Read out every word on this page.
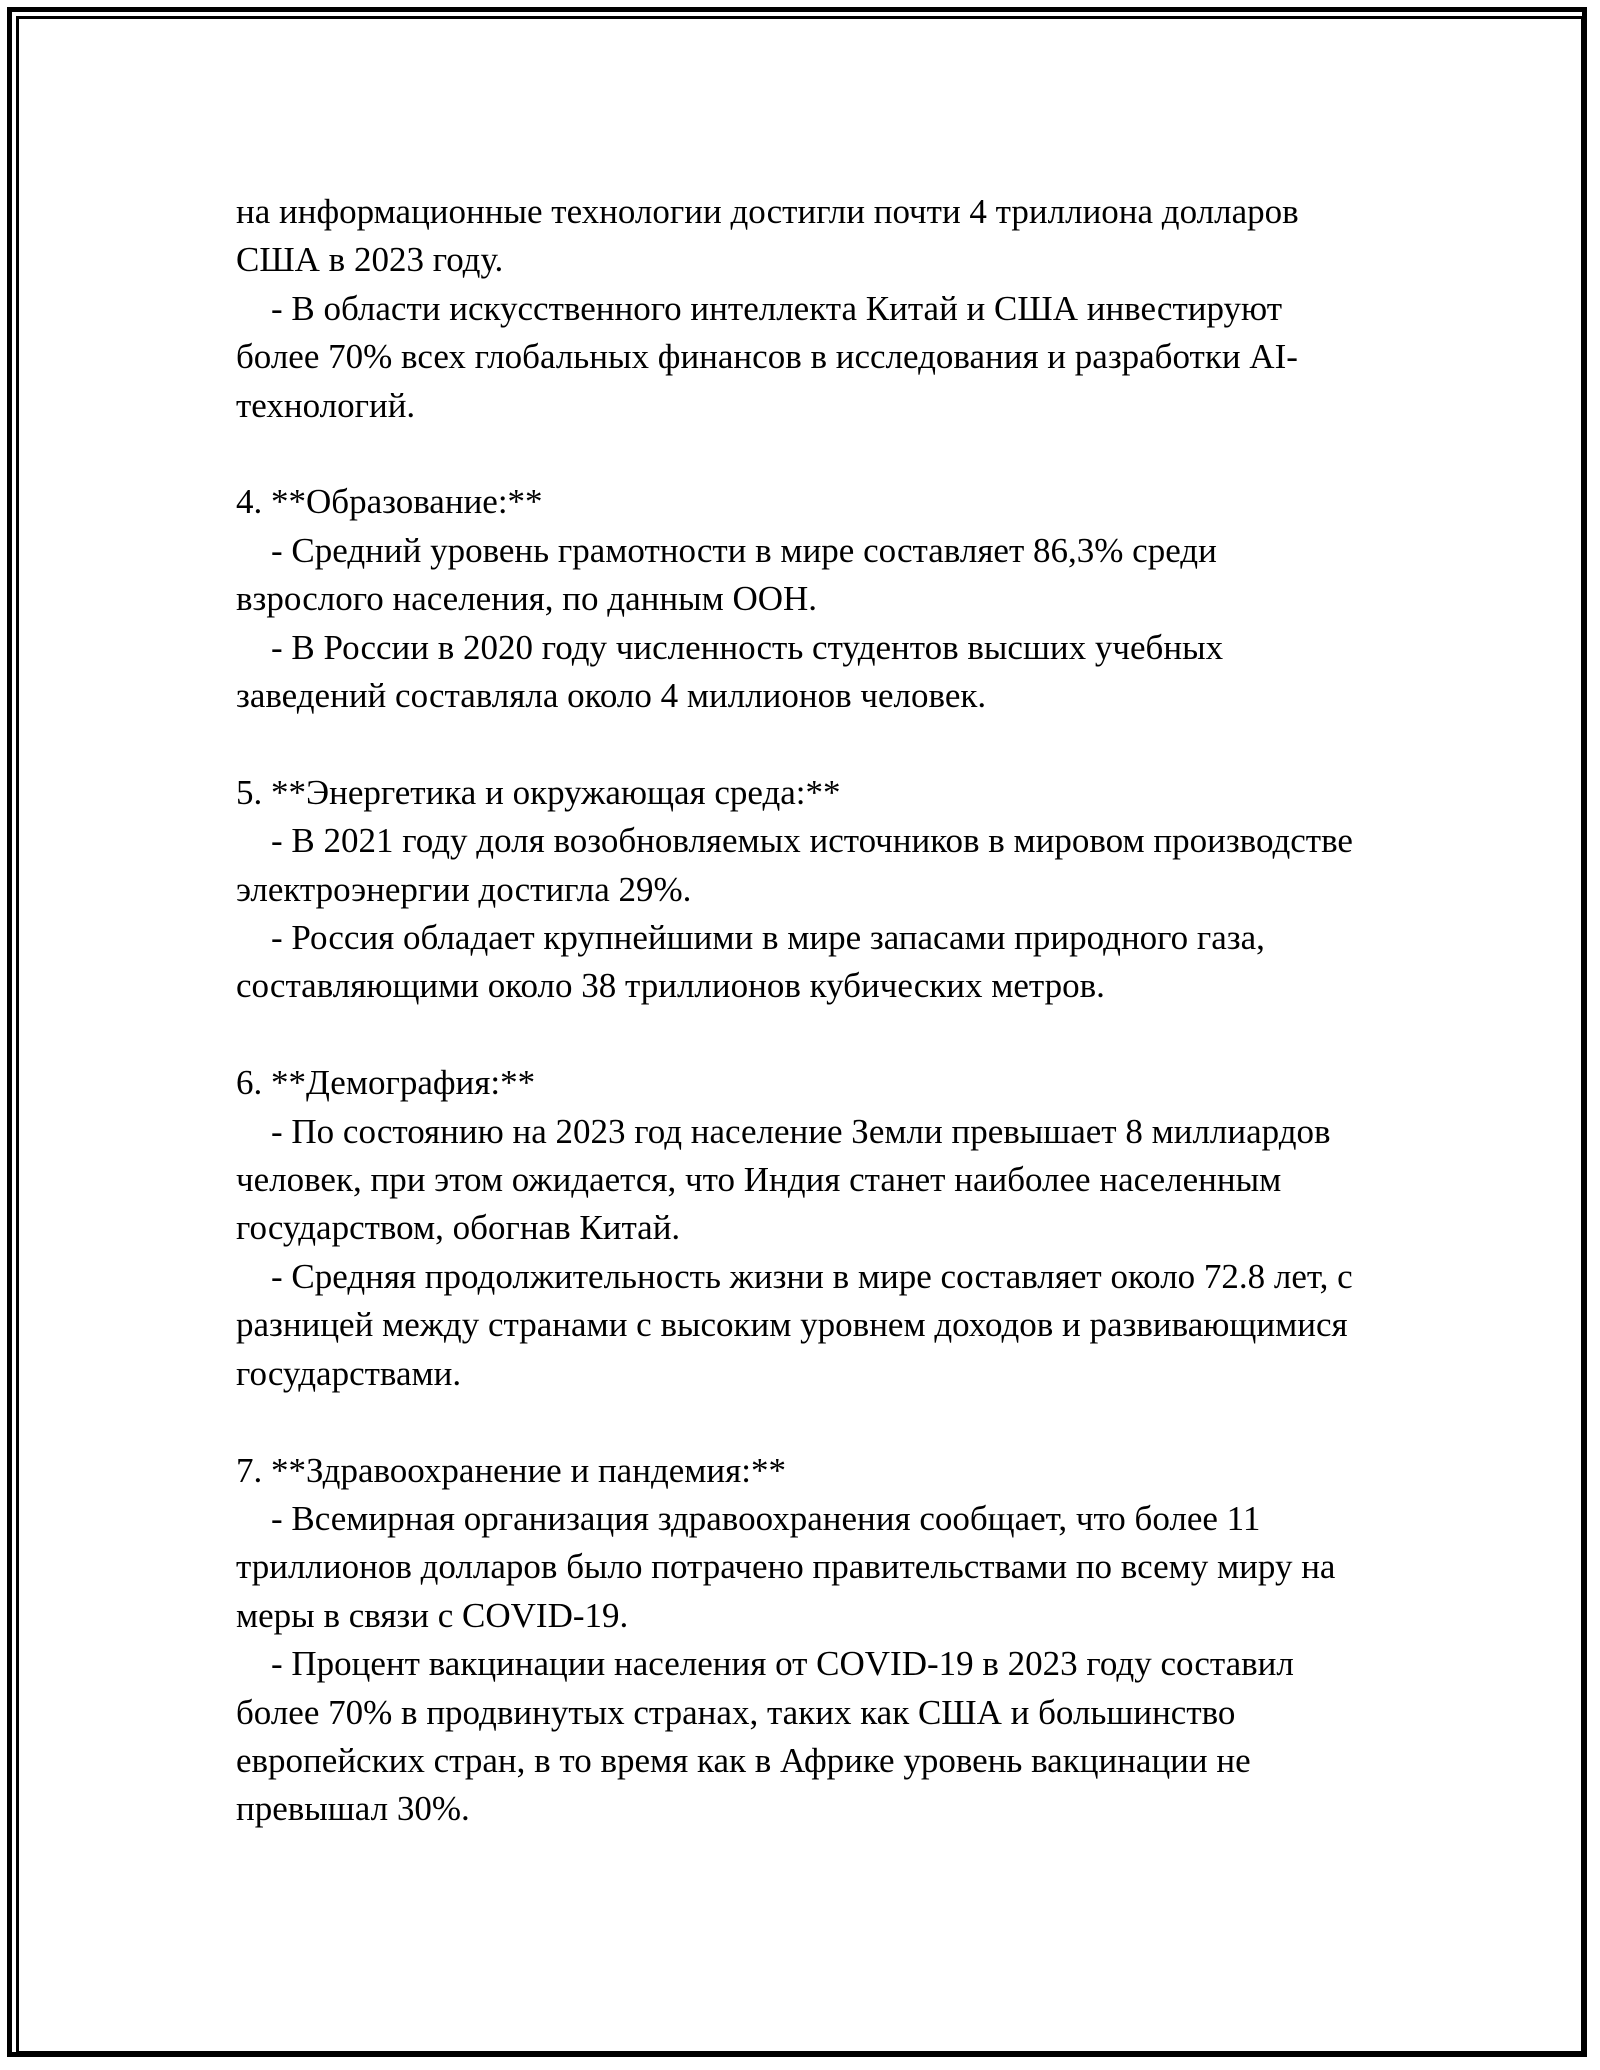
на информационные технологии достигли почти 4 триллиона долларов США в 2023 году.
- В области искусственного интеллекта Китай и США инвестируют более 70% всех глобальных финансов в исследования и разработки AI-технологий.
4. **Образование:**
- Средний уровень грамотности в мире составляет 86,3% среди взрослого населения, по данным ООН.
- В России в 2020 году численность студентов высших учебных заведений составляла около 4 миллионов человек.
5. **Энергетика и окружающая среда:**
- В 2021 году доля возобновляемых источников в мировом производстве электроэнергии достигла 29%.
- Россия обладает крупнейшими в мире запасами природного газа, составляющими около 38 триллионов кубических метров.
6. **Демография:**
- По состоянию на 2023 год население Земли превышает 8 миллиардов человек, при этом ожидается, что Индия станет наиболее населенным государством, обогнав Китай.
- Средняя продолжительность жизни в мире составляет около 72.8 лет, с разницей между странами с высоким уровнем доходов и развивающимися государствами.
7. **Здравоохранение и пандемия:**
- Всемирная организация здравоохранения сообщает, что более 11 триллионов долларов было потрачено правительствами по всему миру на меры в связи с COVID-19.
- Процент вакцинации населения от COVID-19 в 2023 году составил более 70% в продвинутых странах, таких как США и большинство европейских стран, в то время как в Африке уровень вакцинации не превышал 30%.
